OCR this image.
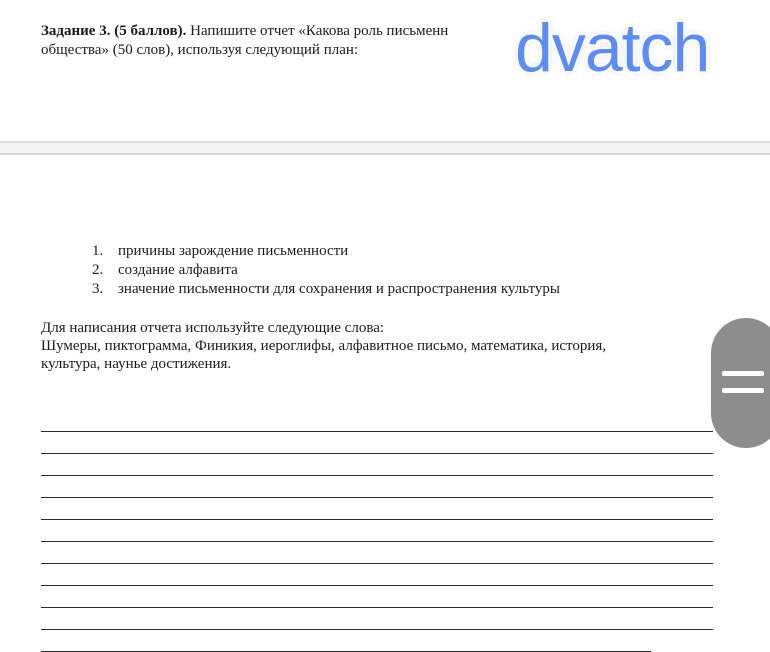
Задание 3. (5 баллов). Напишите отчет «Какова роль письменн
общества» (50 слов), используя следующий план:
1. причины зарождение письменности
2. создание алфавита
3. значение письменности для сохранения и распространения культуры
Для написания отчета используйте следующие слова:
Шумеры, пиктограмма, Финикия, иероглифы, алфавитное письмо, математика, история,
культура, наунье достижения.
dvatch
